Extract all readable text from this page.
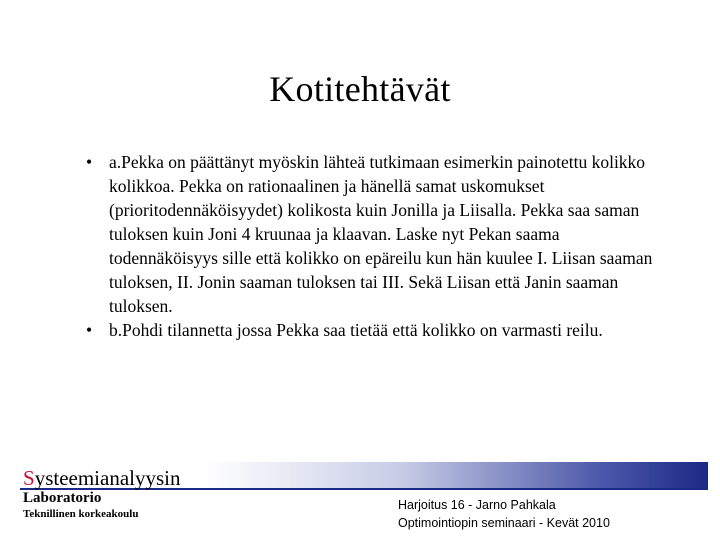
Kotitehtävät
• a.Pekka on päättänyt myöskin lähteä tutkimaan esimerkin painotettu kolikko kolikkoa. Pekka on rationaalinen ja hänellä samat uskomukset (prioritodennäköisyydet) kolikosta kuin Jonilla ja Liisalla. Pekka saa saman tuloksen kuin Joni 4 kruunaa ja klaavan. Laske nyt Pekan saama todennäköisyys sille että kolikko on epäreilu kun hän kuulee I. Liisan saaman tuloksen, II. Jonin saaman tuloksen tai III. Sekä Liisan että Janin saaman tuloksen.
• b.Pohdi tilannetta jossa Pekka saa tietää että kolikko on varmasti reilu.
Systeemianalyysin
Laboratorio
Teknillinen korkeakoulu
Harjoitus 16 - Jarno Pahkala
Optimointiopin seminaari - Kevät 2010
